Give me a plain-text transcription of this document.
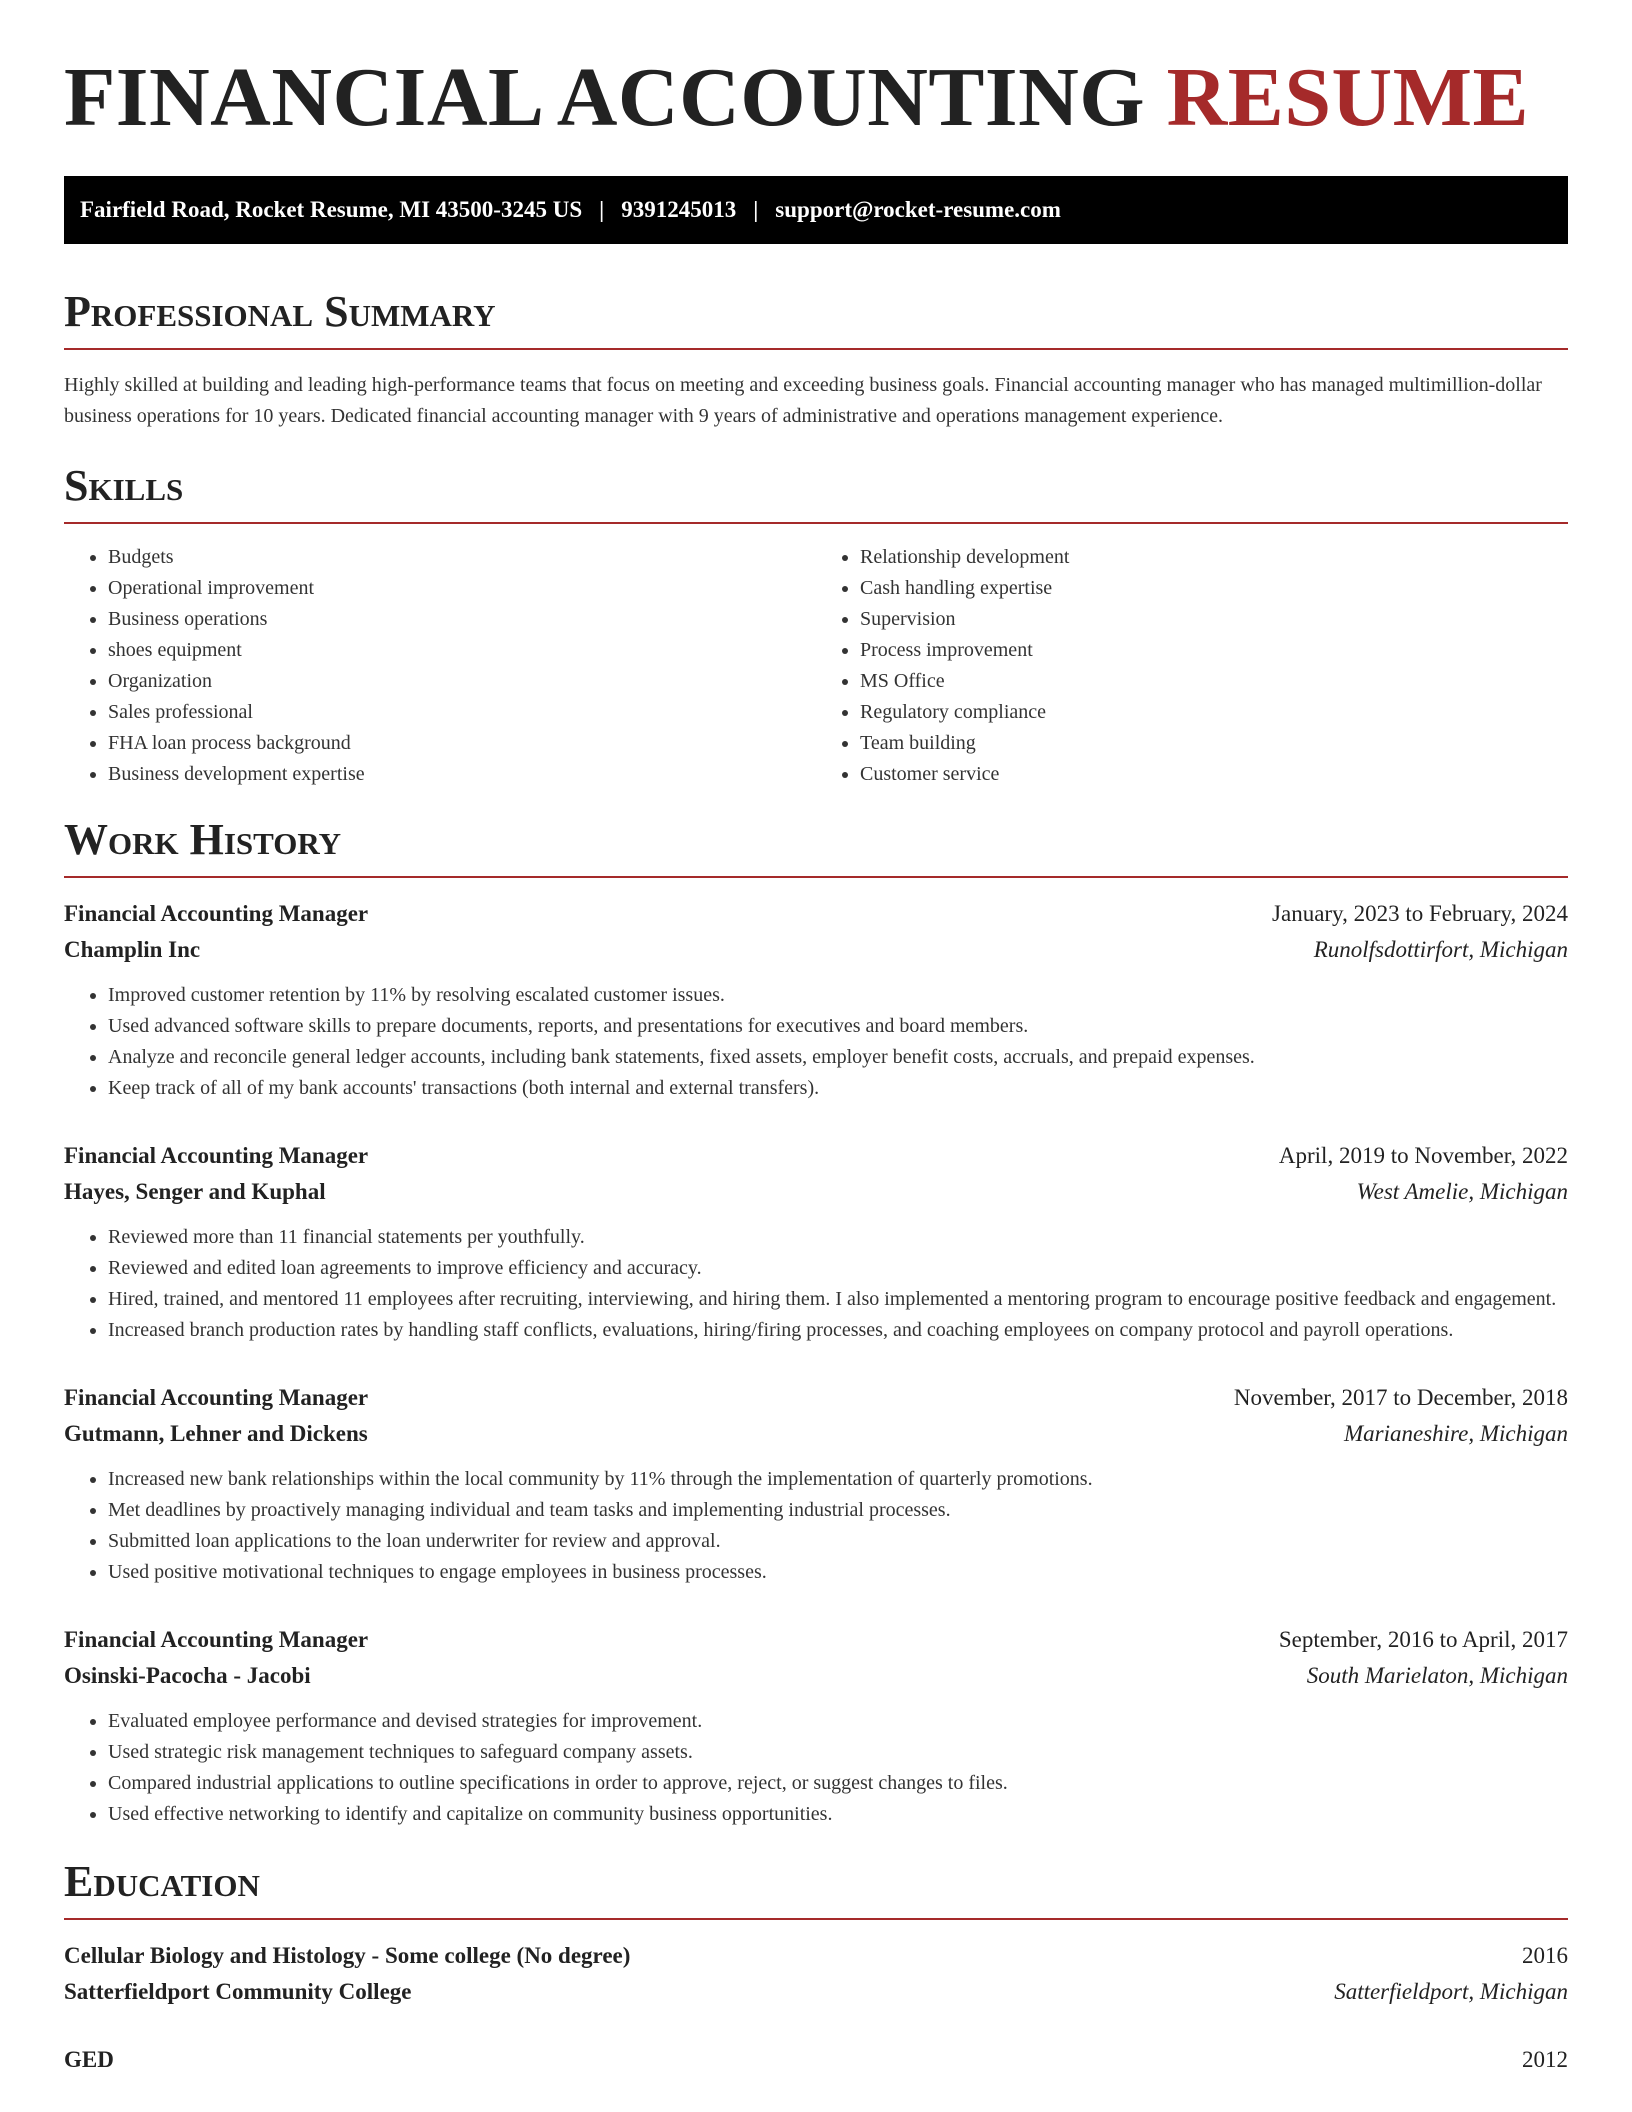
FINANCIAL ACCOUNTING RESUME
Fairfield Road, Rocket Resume, MI 43500-3245 US | 9391245013 | support@rocket-resume.com
Professional Summary

Highly skilled at building and leading high-performance teams that focus on meeting and exceeding business goals. Financial accounting manager who has managed multimillion-dollar business operations for 10 years. Dedicated financial accounting manager with 9 years of administrative and operations management experience.

Skills
• Budgets
• Operational improvement
• Business operations
• shoes equipment
• Organization
• Sales professional
• FHA loan process background
• Business development expertise
• Relationship development
• Cash handling expertise
• Supervision
• Process improvement
• MS Office
• Regulatory compliance
• Team building
• Customer service
Work History
Financial Accounting Manager	January, 2023 to February, 2024
Champlin Inc	Runolfsdottirfort, Michigan
• Improved customer retention by 11% by resolving escalated customer issues.
• Used advanced software skills to prepare documents, reports, and presentations for executives and board members.
• Analyze and reconcile general ledger accounts, including bank statements, fixed assets, employer benefit costs, accruals, and prepaid expenses.
• Keep track of all of my bank accounts' transactions (both internal and external transfers).
Financial Accounting Manager	April, 2019 to November, 2022
Hayes, Senger and Kuphal	West Amelie, Michigan
• Reviewed more than 11 financial statements per youthfully.
• Reviewed and edited loan agreements to improve efficiency and accuracy.
• Hired, trained, and mentored 11 employees after recruiting, interviewing, and hiring them. I also implemented a mentoring program to encourage positive feedback and engagement.
• Increased branch production rates by handling staff conflicts, evaluations, hiring/firing processes, and coaching employees on company protocol and payroll operations.
Financial Accounting Manager	November, 2017 to December, 2018
Gutmann, Lehner and Dickens	Marianeshire, Michigan
• Increased new bank relationships within the local community by 11% through the implementation of quarterly promotions.
• Met deadlines by proactively managing individual and team tasks and implementing industrial processes.
• Submitted loan applications to the loan underwriter for review and approval.
• Used positive motivational techniques to engage employees in business processes.
Financial Accounting Manager	September, 2016 to April, 2017
Osinski-Pacocha - Jacobi	South Marielaton, Michigan
• Evaluated employee performance and devised strategies for improvement.
• Used strategic risk management techniques to safeguard company assets.
• Compared industrial applications to outline specifications in order to approve, reject, or suggest changes to files.
• Used effective networking to identify and capitalize on community business opportunities.
Education
Cellular Biology and Histology - Some college (No degree)	2016
Satterfieldport Community College	Satterfieldport, Michigan
GED	2012
